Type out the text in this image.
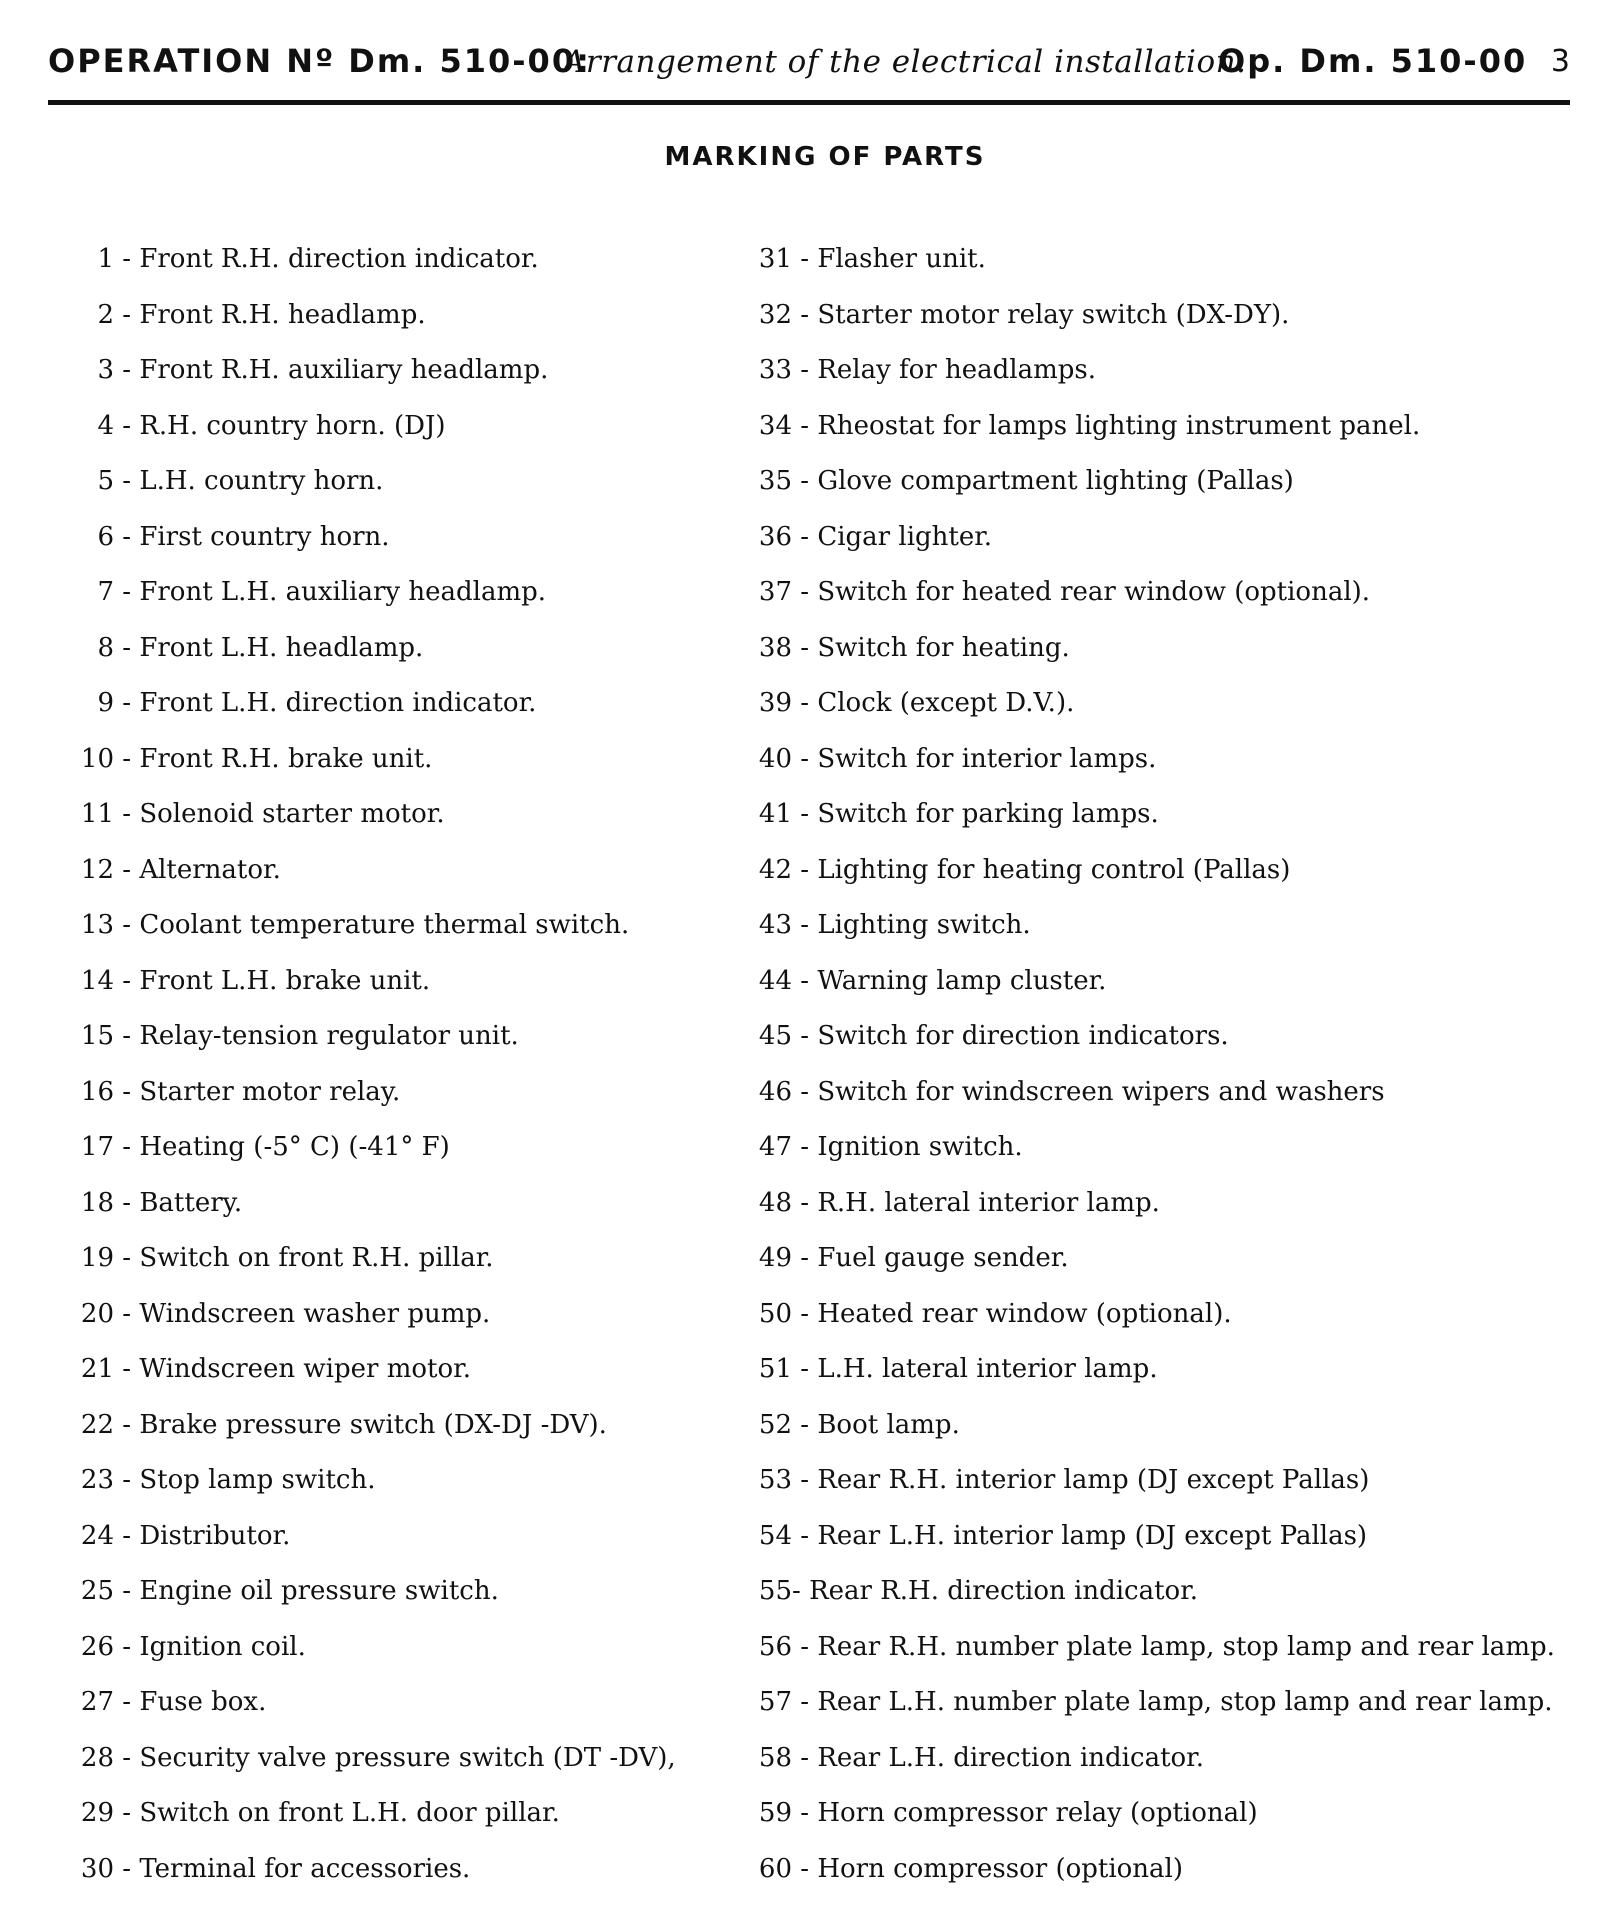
OPERATION Nº Dm. 510-00:
Arrangement of the electrical installation.
Op. Dm. 510-00 3
MARKING OF PARTS
1 - Front R.H. direction indicator.
2 - Front R.H. headlamp.
3 - Front R.H. auxiliary headlamp.
4 - R.H. country horn. (DJ)
5 - L.H. country horn.
6 - First country horn.
7 - Front L.H. auxiliary headlamp.
8 - Front L.H. headlamp.
9 - Front L.H. direction indicator.
10 - Front R.H. brake unit.
11 - Solenoid starter motor.
12 - Alternator.
13 - Coolant temperature thermal switch.
14 - Front L.H. brake unit.
15 - Relay-tension regulator unit.
16 - Starter motor relay.
17 - Heating (-5° C) (-41° F)
18 - Battery.
19 - Switch on front R.H. pillar.
20 - Windscreen washer pump.
21 - Windscreen wiper motor.
22 - Brake pressure switch (DX-DJ -DV).
23 - Stop lamp switch.
24 - Distributor.
25 - Engine oil pressure switch.
26 - Ignition coil.
27 - Fuse box.
28 - Security valve pressure switch (DT -DV),
29 - Switch on front L.H. door pillar.
30 - Terminal for accessories.
31 - Flasher unit.
32 - Starter motor relay switch (DX-DY).
33 - Relay for headlamps.
34 - Rheostat for lamps lighting instrument panel.
35 - Glove compartment lighting (Pallas)
36 - Cigar lighter.
37 - Switch for heated rear window (optional).
38 - Switch for heating.
39 - Clock (except D.V.).
40 - Switch for interior lamps.
41 - Switch for parking lamps.
42 - Lighting for heating control (Pallas)
43 - Lighting switch.
44 - Warning lamp cluster.
45 - Switch for direction indicators.
46 - Switch for windscreen wipers and washers
47 - Ignition switch.
48 - R.H. lateral interior lamp.
49 - Fuel gauge sender.
50 - Heated rear window (optional).
51 - L.H. lateral interior lamp.
52 - Boot lamp.
53 - Rear R.H. interior lamp (DJ except Pallas)
54 - Rear L.H. interior lamp (DJ except Pallas)
55- Rear R.H. direction indicator.
56 - Rear R.H. number plate lamp, stop lamp and rear lamp.
57 - Rear L.H. number plate lamp, stop lamp and rear lamp.
58 - Rear L.H. direction indicator.
59 - Horn compressor relay (optional)
60 - Horn compressor (optional)
